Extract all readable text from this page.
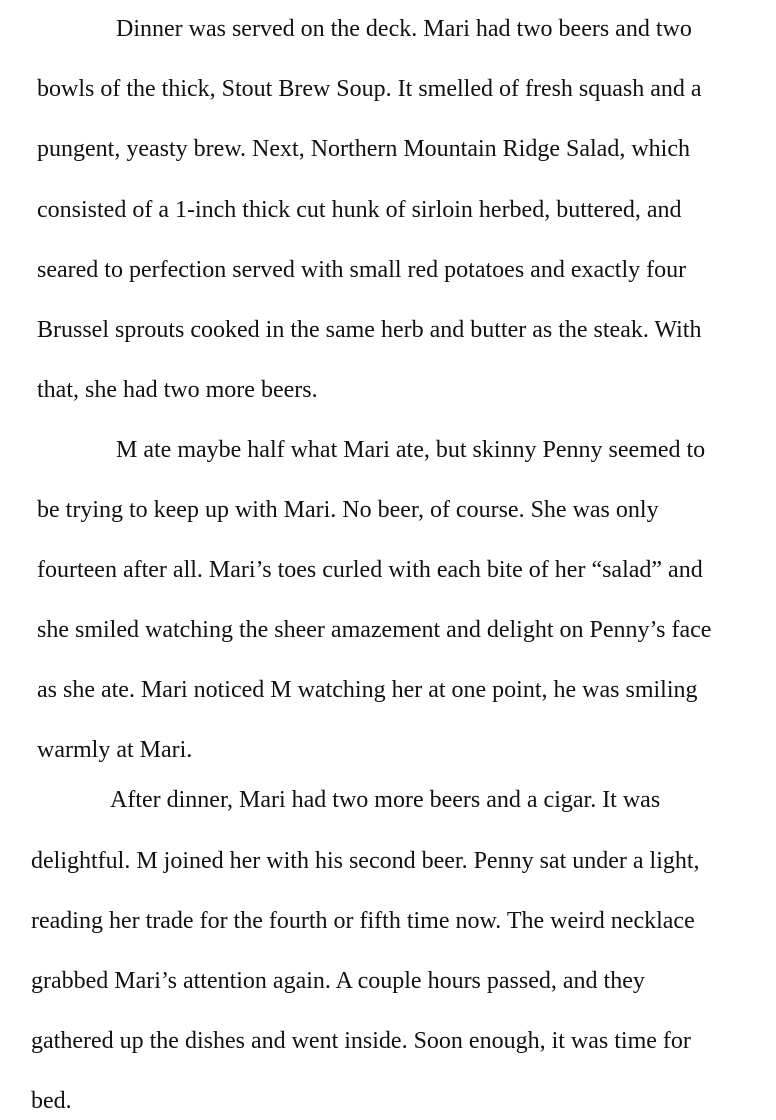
Dinner was served on the deck. Mari had two beers and two

bowls of the thick, Stout Brew Soup. It smelled of fresh squash and a

pungent, yeasty brew. Next, Northern Mountain Ridge Salad, which

consisted of a 1-inch thick cut hunk of sirloin herbed, buttered, and

seared to perfection served with small red potatoes and exactly four

Brussel sprouts cooked in the same herb and butter as the steak. With

that, she had two more beers.

M ate maybe half what Mari ate, but skinny Penny seemed to

be trying to keep up with Mari. No beer, of course. She was only

fourteen after all. Mari’s toes curled with each bite of her “salad” and

she smiled watching the sheer amazement and delight on Penny’s face

as she ate. Mari noticed M watching her at one point, he was smiling

warmly at Mari.

After dinner, Mari had two more beers and a cigar. It was

delightful. M joined her with his second beer. Penny sat under a light,

reading her trade for the fourth or fifth time now. The weird necklace

grabbed Mari’s attention again. A couple hours passed, and they

gathered up the dishes and went inside. Soon enough, it was time for

bed.
